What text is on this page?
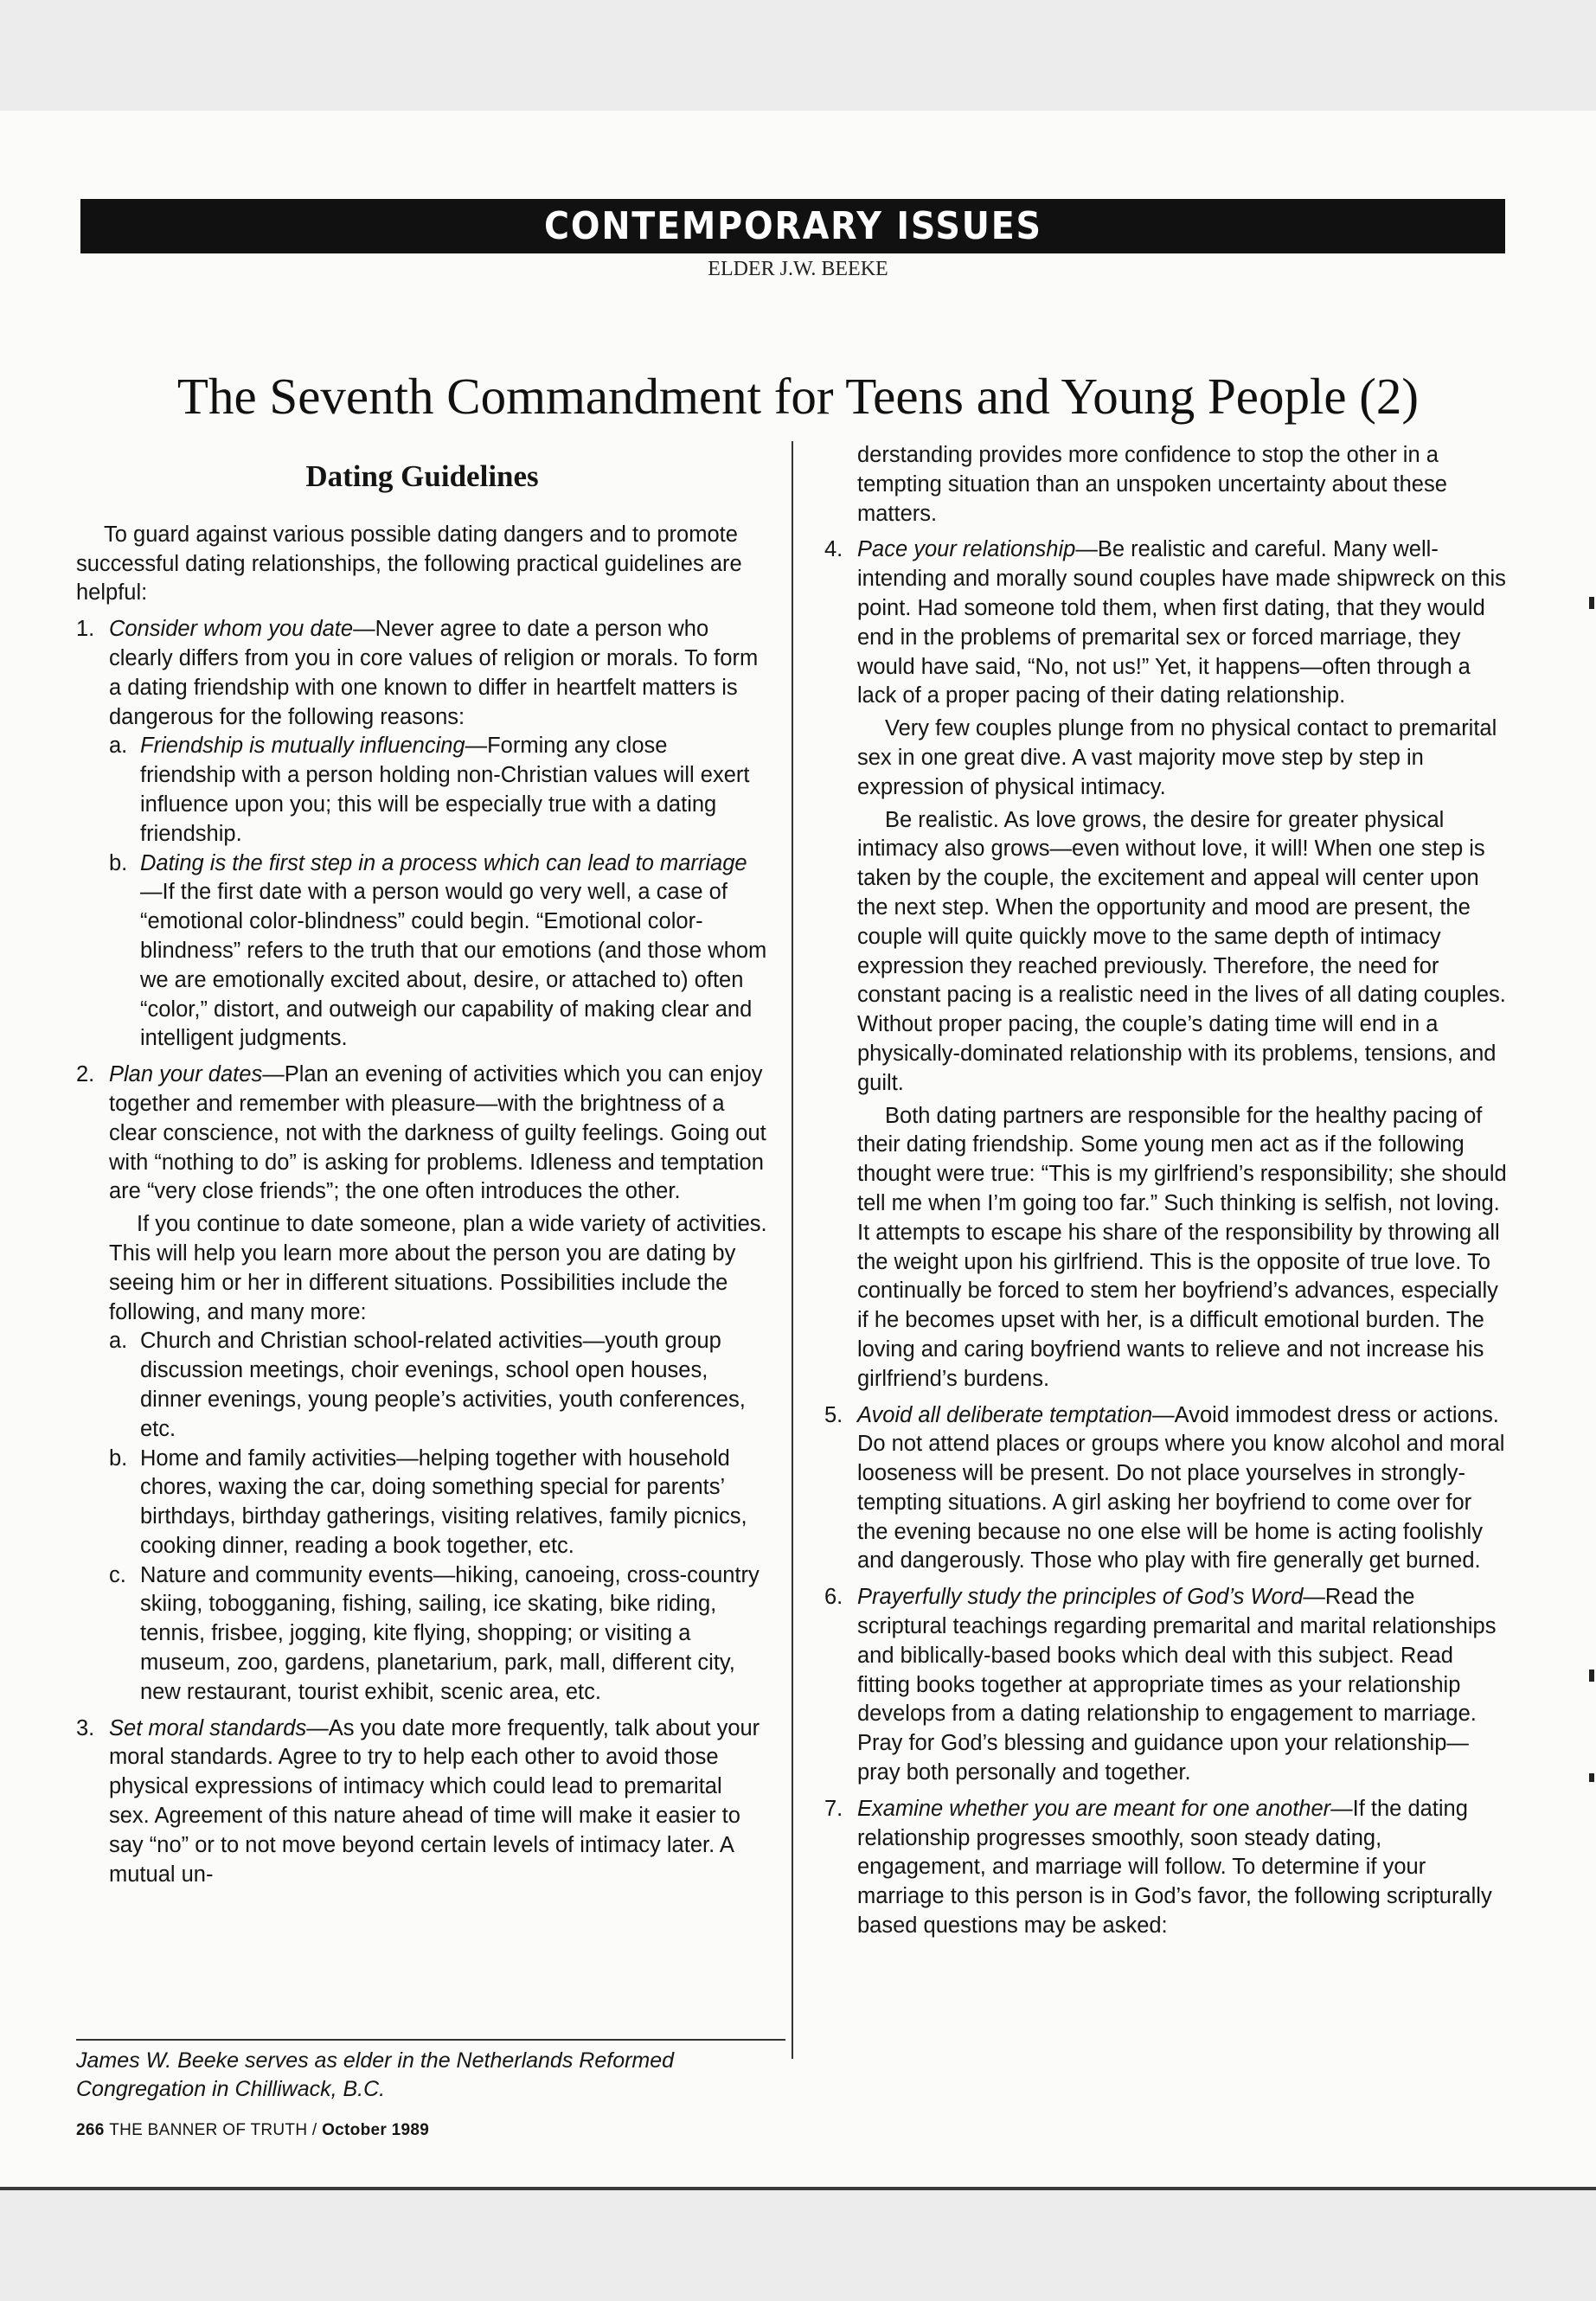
CONTEMPORARY ISSUES
ELDER J.W. BEEKE
The Seventh Commandment for Teens and Young People (2)
Dating Guidelines

To guard against various possible dating dangers and to promote successful dating relationships, the following practical guidelines are helpful:

1. Consider whom you date—Never agree to date a person who clearly differs from you in core values of religion or morals. To form a dating friendship with one known to differ in heartfelt matters is dangerous for the following reasons:

a. Friendship is mutually influencing—Forming any close friendship with a person holding non-Christian values will exert influence upon you; this will be especially true with a dating friendship.

b. Dating is the first step in a process which can lead to marriage—If the first date with a person would go very well, a case of “emotional color-blindness” could begin. “Emotional color-blindness” refers to the truth that our emotions (and those whom we are emotionally excited about, desire, or attached to) often “color,” distort, and outweigh our capability of making clear and intelligent judgments.

2. Plan your dates—Plan an evening of activities which you can enjoy together and remember with pleasure—with the brightness of a clear conscience, not with the darkness of guilty feelings. Going out with “nothing to do” is asking for problems. Idleness and temptation are “very close friends”; the one often introduces the other.

If you continue to date someone, plan a wide variety of activities. This will help you learn more about the person you are dating by seeing him or her in different situations. Possibilities include the following, and many more:

a. Church and Christian school-related activities—youth group discussion meetings, choir evenings, school open houses, dinner evenings, young people’s activities, youth conferences, etc.

b. Home and family activities—helping together with household chores, waxing the car, doing something special for parents’ birthdays, birthday gatherings, visiting relatives, family picnics, cooking dinner, reading a book together, etc.

c. Nature and community events—hiking, canoeing, cross-country skiing, tobogganing, fishing, sailing, ice skating, bike riding, tennis, frisbee, jogging, kite flying, shopping; or visiting a museum, zoo, gardens, planetarium, park, mall, different city, new restaurant, tourist exhibit, scenic area, etc.

3. Set moral standards—As you date more frequently, talk about your moral standards. Agree to try to help each other to avoid those physical expressions of intimacy which could lead to premarital sex. Agreement of this nature ahead of time will make it easier to say “no” or to not move beyond certain levels of intimacy later. A mutual un-

derstanding provides more confidence to stop the other in a tempting situation than an unspoken uncertainty about these matters.

4. Pace your relationship—Be realistic and careful. Many well-intending and morally sound couples have made shipwreck on this point. Had someone told them, when first dating, that they would end in the problems of premarital sex or forced marriage, they would have said, “No, not us!” Yet, it happens—often through a lack of a proper pacing of their dating relationship.

Very few couples plunge from no physical contact to premarital sex in one great dive. A vast majority move step by step in expression of physical intimacy.

Be realistic. As love grows, the desire for greater physical intimacy also grows—even without love, it will! When one step is taken by the couple, the excitement and appeal will center upon the next step. When the opportunity and mood are present, the couple will quite quickly move to the same depth of intimacy expression they reached previously. Therefore, the need for constant pacing is a realistic need in the lives of all dating couples. Without proper pacing, the couple’s dating time will end in a physically-dominated relationship with its problems, tensions, and guilt.

Both dating partners are responsible for the healthy pacing of their dating friendship. Some young men act as if the following thought were true: “This is my girlfriend’s responsibility; she should tell me when I’m going too far.” Such thinking is selfish, not loving. It attempts to escape his share of the responsibility by throwing all the weight upon his girlfriend. This is the opposite of true love. To continually be forced to stem her boyfriend’s advances, especially if he becomes upset with her, is a difficult emotional burden. The loving and caring boyfriend wants to relieve and not increase his girlfriend’s burdens.

5. Avoid all deliberate temptation—Avoid immodest dress or actions. Do not attend places or groups where you know alcohol and moral looseness will be present. Do not place yourselves in strongly-tempting situations. A girl asking her boyfriend to come over for the evening because no one else will be home is acting foolishly and dangerously. Those who play with fire generally get burned.

6. Prayerfully study the principles of God’s Word—Read the scriptural teachings regarding premarital and marital relationships and biblically-based books which deal with this subject. Read fitting books together at appropriate times as your relationship develops from a dating relationship to engagement to marriage. Pray for God’s blessing and guidance upon your relationship—pray both personally and together.

7. Examine whether you are meant for one another—If the dating relationship progresses smoothly, soon steady dating, engagement, and marriage will follow. To determine if your marriage to this person is in God’s favor, the following scripturally based questions may be asked:

James W. Beeke serves as elder in the Netherlands Reformed Congregation in Chilliwack, B.C.
266 THE BANNER OF TRUTH / October 1989
